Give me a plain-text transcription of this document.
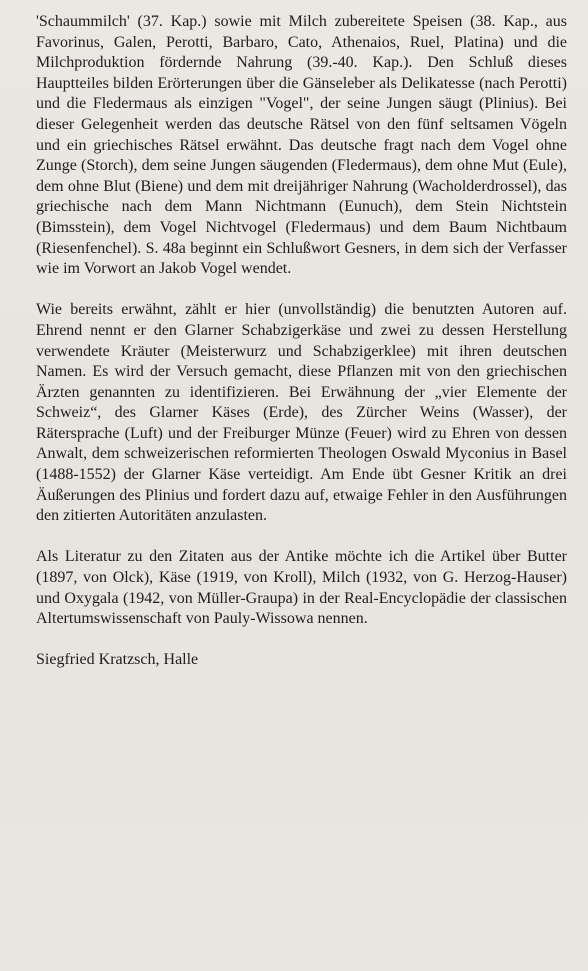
'Schaummilch' (37. Kap.) sowie mit Milch zubereitete Speisen (38. Kap., aus Favorinus, Galen, Perotti, Barbaro, Cato, Athenaios, Ruel, Platina) und die Milchproduktion fördernde Nahrung (39.-40. Kap.). Den Schluß dieses Hauptteiles bilden Erörterungen über die Gänseleber als Delikatesse (nach Perotti) und die Fledermaus als einzigen "Vogel", der seine Jungen säugt (Plinius). Bei dieser Gelegenheit werden das deutsche Rätsel von den fünf seltsamen Vögeln und ein griechisches Rätsel erwähnt. Das deutsche fragt nach dem Vogel ohne Zunge (Storch), dem seine Jungen säugenden (Fledermaus), dem ohne Mut (Eule), dem ohne Blut (Biene) und dem mit dreijähriger Nahrung (Wacholderdrossel), das griechische nach dem Mann Nichtmann (Eunuch), dem Stein Nichtstein (Bimsstein), dem Vogel Nichtvogel (Fledermaus) und dem Baum Nichtbaum (Riesenfenchel). S. 48a beginnt ein Schlußwort Gesners, in dem sich der Verfasser wie im Vorwort an Jakob Vogel wendet.

Wie bereits erwähnt, zählt er hier (unvollständig) die benutzten Autoren auf. Ehrend nennt er den Glarner Schabzigerkäse und zwei zu dessen Herstellung verwendete Kräuter (Meisterwurz und Schabzigerklee) mit ihren deutschen Namen. Es wird der Versuch gemacht, diese Pflanzen mit von den griechischen Ärzten genannten zu identifizieren. Bei Erwähnung der „vier Elemente der Schweiz“, des Glarner Käses (Erde), des Zürcher Weins (Wasser), der Rätersprache (Luft) und der Freiburger Münze (Feuer) wird zu Ehren von dessen Anwalt, dem schweizerischen reformierten Theologen Oswald Myconius in Basel (1488-1552) der Glarner Käse verteidigt. Am Ende übt Gesner Kritik an drei Äußerungen des Plinius und fordert dazu auf, etwaige Fehler in den Ausführungen den zitierten Autoritäten anzulasten.

Als Literatur zu den Zitaten aus der Antike möchte ich die Artikel über Butter (1897, von Olck), Käse (1919, von Kroll), Milch (1932, von G. Herzog-Hauser) und Oxygala (1942, von Müller-Graupa) in der Real-Encyclopädie der classischen Altertumswissenschaft von Pauly-Wissowa nennen.

Siegfried Kratzsch, Halle
